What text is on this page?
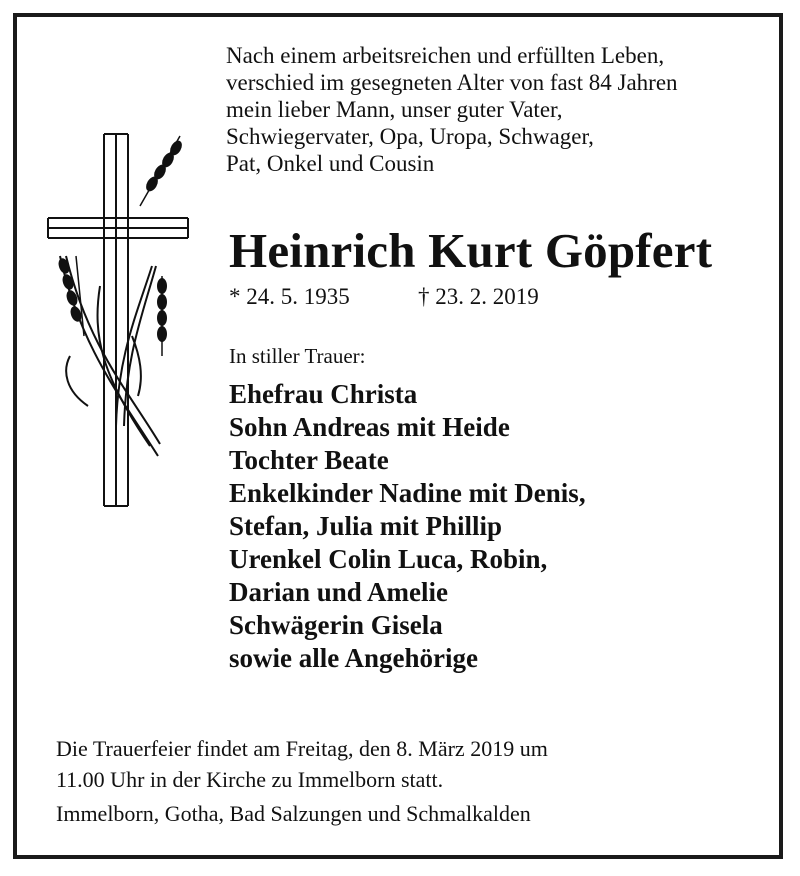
Nach einem arbeitsreichen und erfüllten Leben,
verschied im gesegneten Alter von fast 84 Jahren
mein lieber Mann, unser guter Vater,
Schwiegervater, Opa, Uropa, Schwager,
Pat, Onkel und Cousin
Heinrich Kurt Göpfert
* 24. 5. 1935	† 23. 2. 2019
In stiller Trauer:
Ehefrau Christa
Sohn Andreas mit Heide
Tochter Beate
Enkelkinder Nadine mit Denis,
Stefan, Julia mit Phillip
Urenkel Colin Luca, Robin,
Darian und Amelie
Schwägerin Gisela
sowie alle Angehörige
Die Trauerfeier findet am Freitag, den 8. März 2019 um
11.00 Uhr in der Kirche zu Immelborn statt.
Immelborn, Gotha, Bad Salzungen und Schmalkalden
